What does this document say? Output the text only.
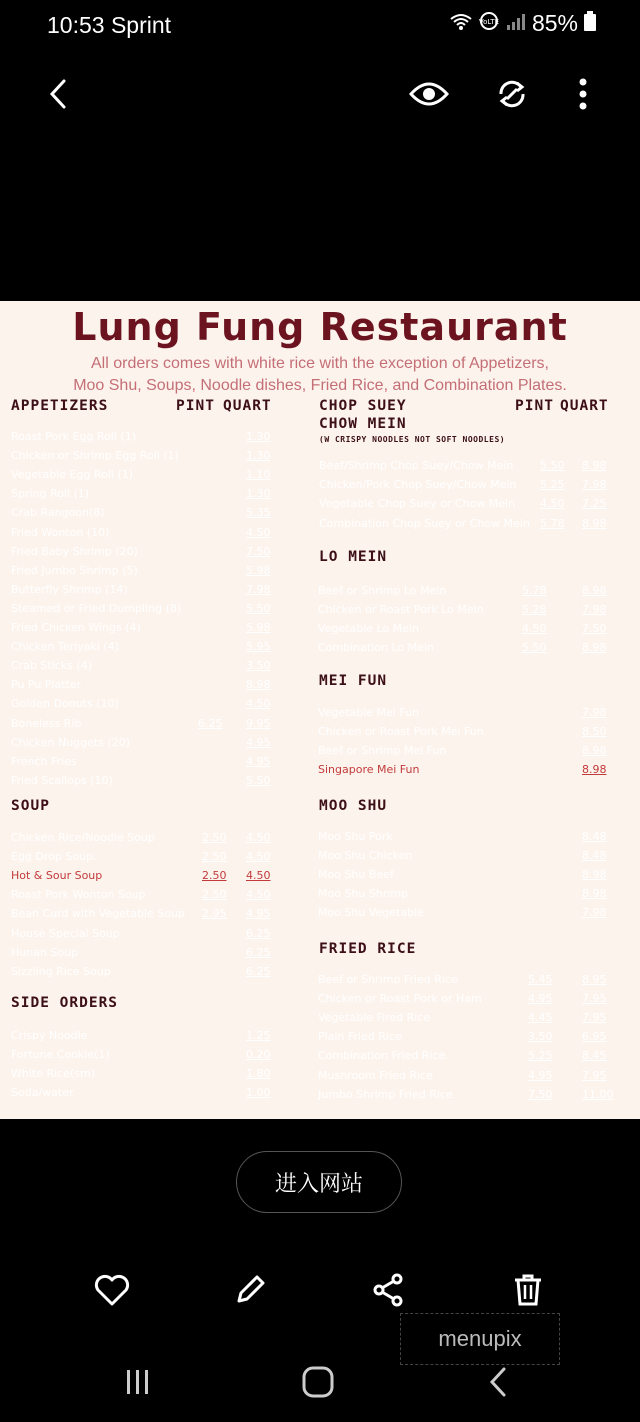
10:53 Sprint	VoLTE 85%
Lung Fung Restaurant
All orders comes with white rice with the exception of Appetizers,
Moo Shu, Soups, Noodle dishes, Fried Rice, and Combination Plates.
APPETIZERS	PINT QUART
Roast Pork Egg Roll (1)	1.30
Chicken or Shrimp Egg Roll (1)	1.30
Vegetable Egg Roll (1)	1.10
Spring Roll (1)	1.30
Crab Rangoon(8)	5.35
Fried Wonton (10)	4.50
Fried Baby Shrimp (20)	7.50
Fried Jumbo Shrimp (5)	5.98
Butterfly Shrimp (14)	7.98
Steamed or Fried Dumpling (8)	5.50
Fried Chicken Wings (4)	5.98
Chicken Teriyaki (4)	5.95
Crab Sticks (4)	3.50
Pu Pu Platter	8.98
Golden Donuts (10)	4.50
Boneless Rib	6.25 9.95
Chicken Nuggets (20)	4.95
French Fries	4.95
Fried Scallops (10)	5.50
SOUP
Chicken Rice/Noodle Soup	2.50 4.50
Egg Drop Soup.	2.50 4.50
Hot & Sour Soup	2.50 4.50
Roast Pork Wonton Soup	2.50 4.50
Bean Curd with Vegetable Soup 2.95 4.95
House Special Soup	6.25
Hunan Soup	6.25
Sizzling Rice Soup	6.25
SIDE ORDERS
Crispy Noodle	1.25
Fortune Cookie(1)	0.20
White Rice(sm)	1.80
Soda/water	1.00
CHOP SUEY	PINT QUART
CHOW MEIN
(W CRISPY NOODLES NOT SOFT NOODLES)
Beef/Shrimp Chop Suey/Chow Mein 5.50 8.98
Chicken/Pork Chop Suey/Chow Mein 5.25 7.98
Vegetable Chop Suey or Chow Mein 4.50 7.25
Combination Chop Suey or Chow Mein 5.78 8.98
LO MEIN
Beef or Shrimp Lo Mein	5.78	8.98
Chicken or Roast Pork Lo Mein	5.28	7.98
Vegetable Lo Mein	4.50	7.50
Combination Lo Mein	5.50	8.98
MEI FUN
Vegetable Mei Fun	7.98
Chicken or Roast Pork Mei Fun	8.50
Beef or Shrimp Mei Fun	8.98
Singapore Mei Fun	8.98
MOO SHU
Moo Shu Pork	8.48
Moo Shu Chicken	8.48
Moo Shu Beef	8.98
Moo Shu Shrimp	8.98
Moo Shu Vegetable	7.98
FRIED RICE
Beef or Shrimp Fried Rice	5.45	8.95
Chicken or Roast Pork or Ham	4.95	7.95
Vegetable Fired Rice	4.45	7.95
Plain Fried Rice	3.50	6.95
Combination Fried Rice	5.25	8.45
Mushroom Fried Rice	4.95	7.95
Jumbo Shrimp Fried Rice	7.50	11.00
进入网站
menupix
